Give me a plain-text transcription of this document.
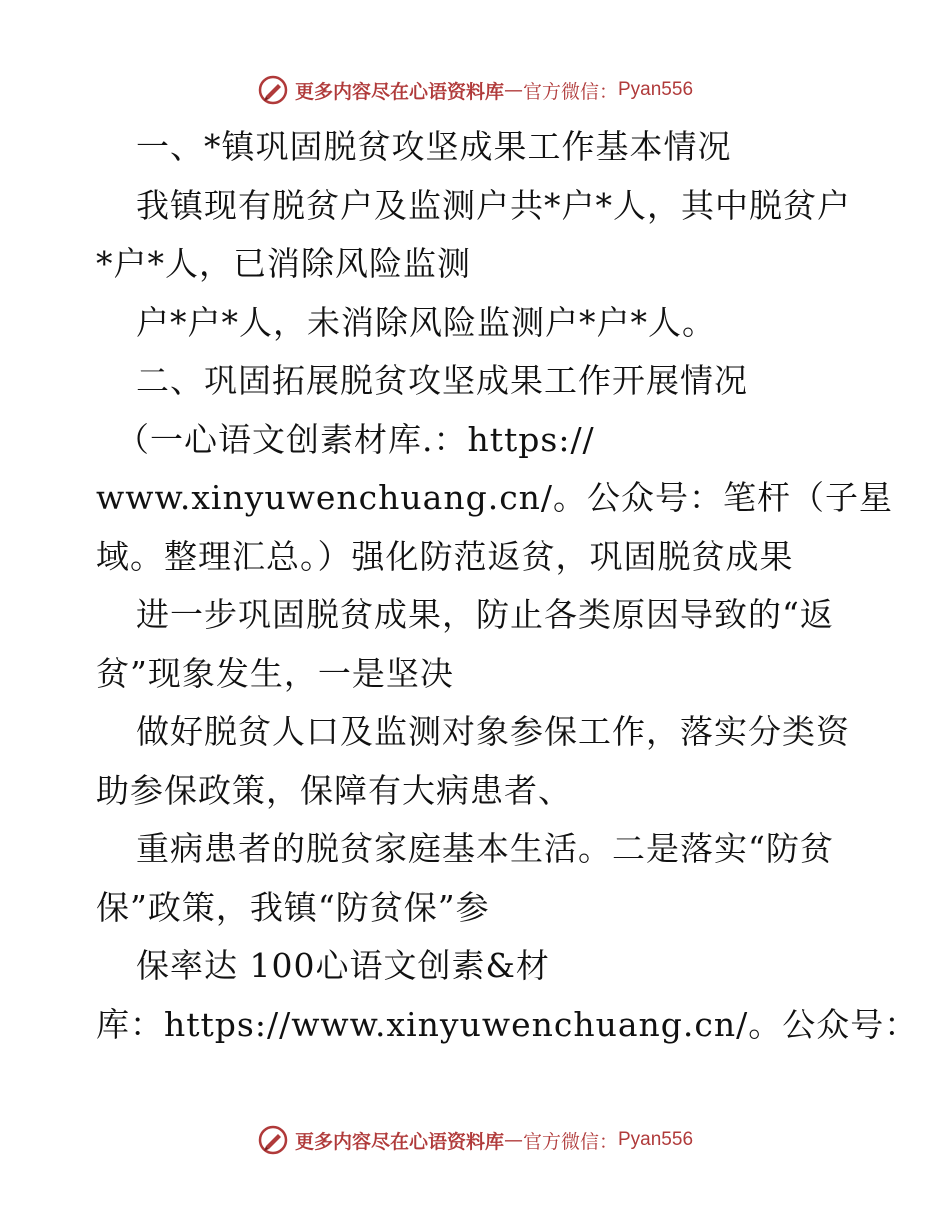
更多内容尽在心语资料库 — 官方微信： Pyan556
一、*镇巩固脱贫攻坚成果工作基本情况
我镇现有脱贫户及监测户共*户*人，其中脱贫户
*户*人，已消除风险监测
户*户*人，未消除风险监测户*户*人。
二、巩固拓展脱贫攻坚成果工作开展情况
（一心语文创素材库.：https://
www.xinyuwenchuang.cn/。公众号：笔杆（子星
域。整理汇总。）强化防范返贫，巩固脱贫成果
进一步巩固脱贫成果，防止各类原因导致的“返
贫”现象发生，一是坚决
做好脱贫人口及监测对象参保工作，落实分类资
助参保政策，保障有大病患者、
重病患者的脱贫家庭基本生活。二是落实“防贫
保”政策，我镇“防贫保”参
保率达 100心语文创素&材
库：https://www.xinyuwenchuang.cn/。公众号：
更多内容尽在心语资料库 — 官方微信： Pyan556
